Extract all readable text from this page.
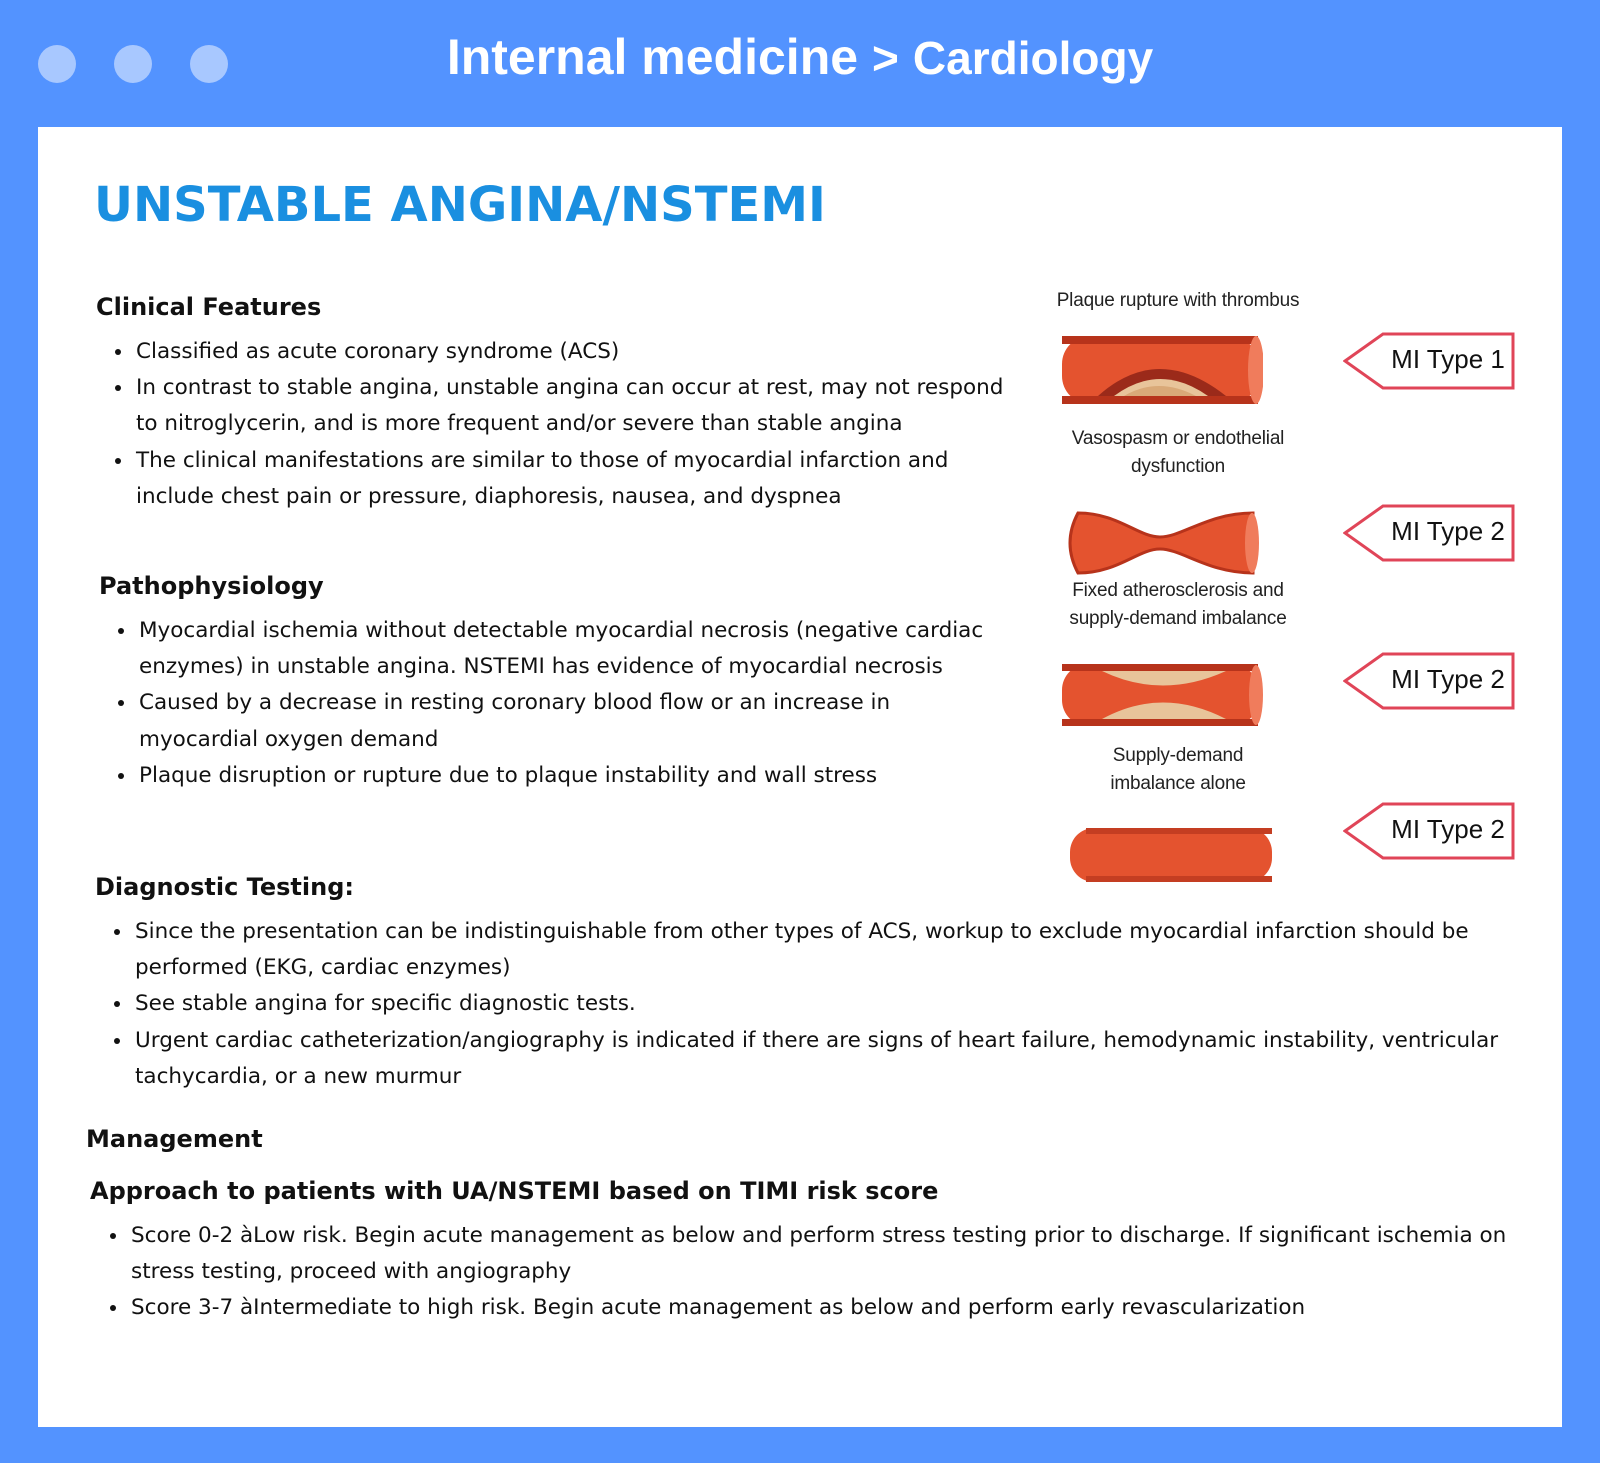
Internal medicine > Cardiology
UNSTABLE ANGINA/NSTEMI
Clinical Features
• Classified as acute coronary syndrome (ACS)
• In contrast to stable angina, unstable angina can occur at rest, may not respond to nitroglycerin, and is more frequent and/or severe than stable angina
• The clinical manifestations are similar to those of myocardial infarction and include chest pain or pressure, diaphoresis, nausea, and dyspnea
Pathophysiology
• Myocardial ischemia without detectable myocardial necrosis (negative cardiac enzymes) in unstable angina. NSTEMI has evidence of myocardial necrosis
• Caused by a decrease in resting coronary blood flow or an increase in myocardial oxygen demand
• Plaque disruption or rupture due to plaque instability and wall stress
Diagnostic Testing:
• Since the presentation can be indistinguishable from other types of ACS, workup to exclude myocardial infarction should be performed (EKG, cardiac enzymes)
• See stable angina for specific diagnostic tests.
• Urgent cardiac catheterization/angiography is indicated if there are signs of heart failure, hemodynamic instability, ventricular tachycardia, or a new murmur
Management
Approach to patients with UA/NSTEMI based on TIMI risk score
• Score 0-2 àLow risk. Begin acute management as below and perform stress testing prior to discharge. If significant ischemia on stress testing, proceed with angiography
• Score 3-7 àIntermediate to high risk. Begin acute management as below and perform early revascularization
Plaque rupture with thrombus
MI Type 1
Vasospasm or endothelial
dysfunction
MI Type 2
Fixed atherosclerosis and
supply-demand imbalance
MI Type 2
Supply-demand
imbalance alone
MI Type 2
